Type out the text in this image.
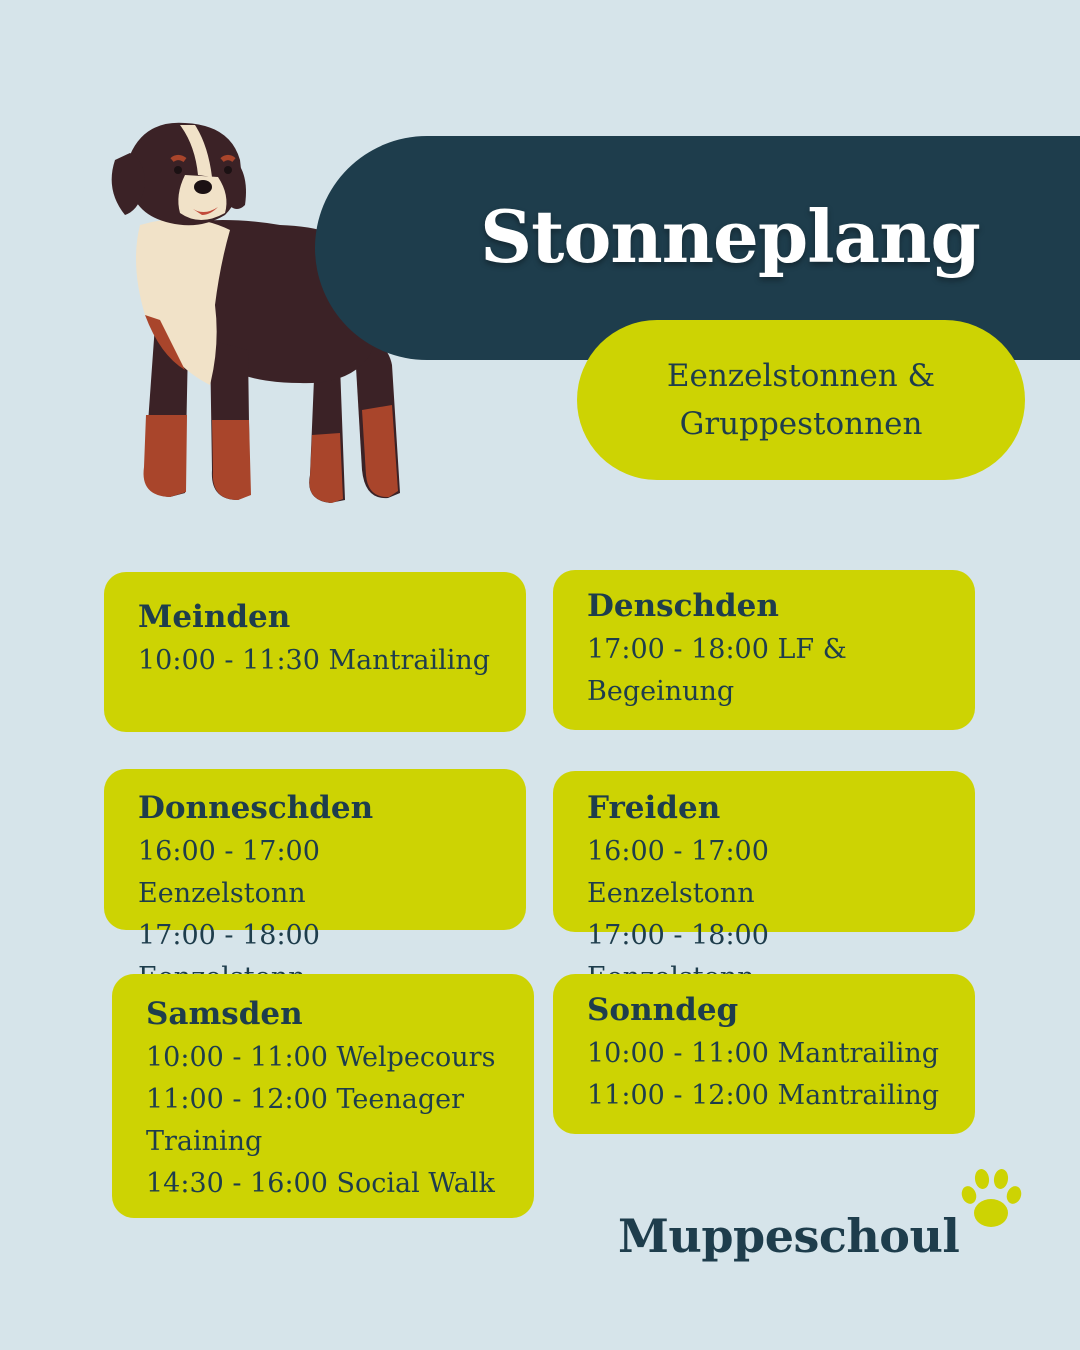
Stonneplang
Eenzelstonnen & Gruppestonnen
Meinden
10:00 - 11:30 Mantrailing
Denschden
17:00 - 18:00 LF & Begeinung
Donneschden
16:00 - 17:00 Eenzelstonn
17:00 - 18:00
Freiden
16:00 - 17:00 Eenzelstonn
17:00 - 18:00
Samsden
10:00 - 11:00 Welpecours
11:00 - 12:00 Teenager Training
14:30 - 16:00 Social Walk
Sonndeg
10:00 - 11:00 Mantrailing
11:00 - 12:00 Mantrailing
Muppeschoul
